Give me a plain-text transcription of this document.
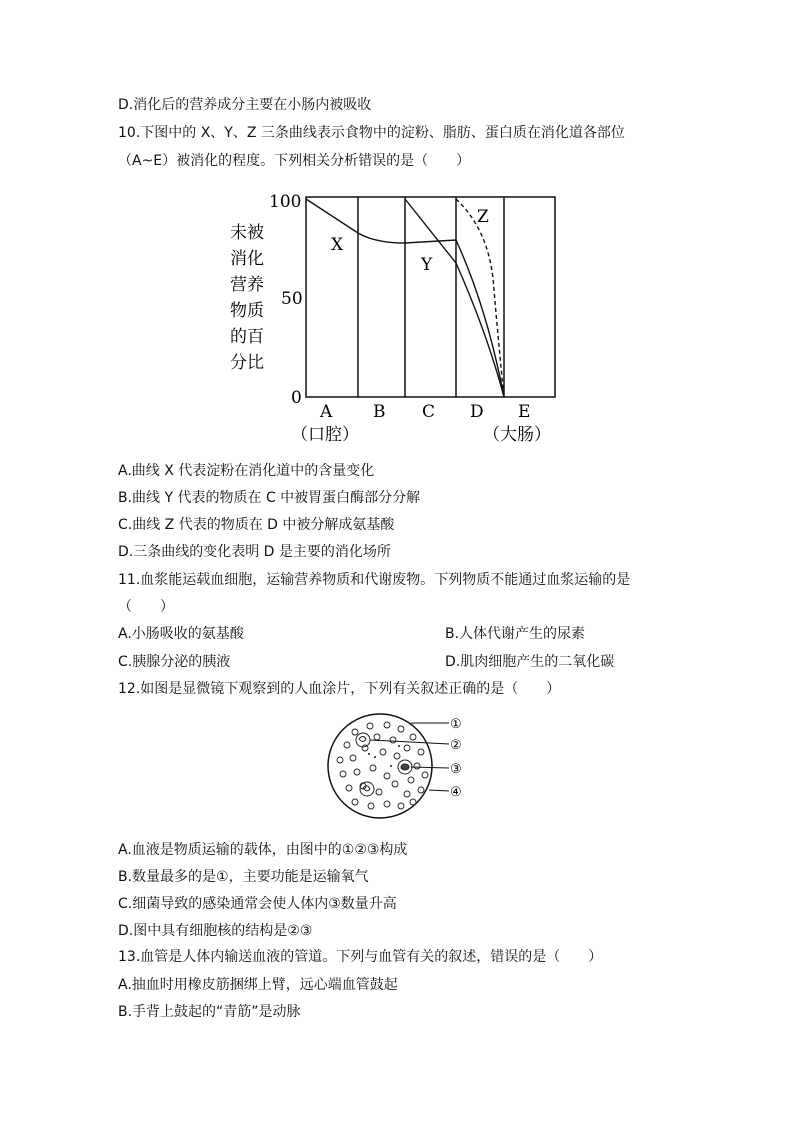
D.消化后的营养成分主要在小肠内被吸收
10.下图中的 X、Y、Z 三条曲线表示食物中的淀粉、脂肪、蛋白质在消化道各部位
（A~E）被消化的程度。下列相关分析错误的是（　　）
未被
消化
营养
物质
的百
分比
100
50
0
X
Y
Z
A B C D E
（口腔）	（大肠）
A.曲线 X 代表淀粉在消化道中的含量变化
B.曲线 Y 代表的物质在 C 中被胃蛋白酶部分分解
C.曲线 Z 代表的物质在 D 中被分解成氨基酸
D.三条曲线的变化表明 D 是主要的消化场所
11.血浆能运载血细胞，运输营养物质和代谢废物。下列物质不能通过血浆运输的是
（　　）
A.小肠吸收的氨基酸	B.人体代谢产生的尿素
C.胰腺分泌的胰液	D.肌肉细胞产生的二氧化碳
12.如图是显微镜下观察到的人血涂片，下列有关叙述正确的是（　　）
①
②
③
④
A.血液是物质运输的载体，由图中的①②③构成
B.数量最多的是①，主要功能是运输氧气
C.细菌导致的感染通常会使人体内③数量升高
D.图中具有细胞核的结构是②③
13.血管是人体内输送血液的管道。下列与血管有关的叙述，错误的是（　　）
A.抽血时用橡皮筋捆绑上臂，远心端血管鼓起
B.手背上鼓起的“青筋”是动脉
